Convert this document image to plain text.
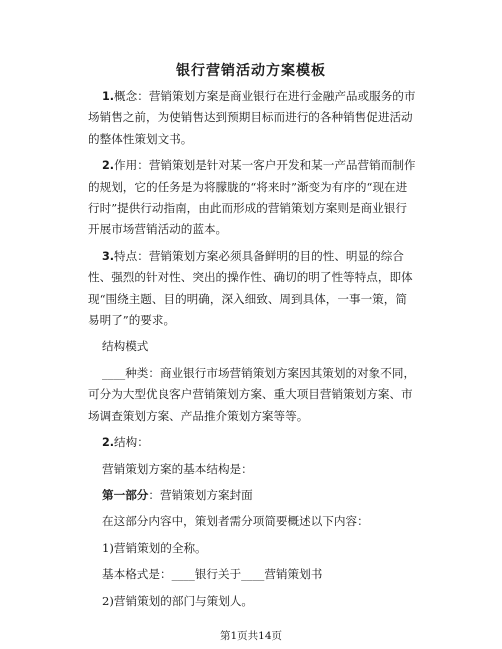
银行营销活动方案模板

1.概念：营销策划方案是商业银行在进行金融产品或服务的市场销售之前，为使销售达到预期目标而进行的各种销售促进活动的整体性策划文书。

2.作用：营销策划是针对某一客户开发和某一产品营销而制作的规划，它的任务是为将朦胧的“将来时”渐变为有序的“现在进行时”提供行动指南，由此而形成的营销策划方案则是商业银行开展市场营销活动的蓝本。

3.特点：营销策划方案必须具备鲜明的目的性、明显的综合性、强烈的针对性、突出的操作性、确切的明了性等特点，即体现“围绕主题、目的明确，深入细致、周到具体，一事一策，简易明了”的要求。

结构模式

____种类：商业银行市场营销策划方案因其策划的对象不同，可分为大型优良客户营销策划方案、重大项目营销策划方案、市场调查策划方案、产品推介策划方案等等。

2.结构：

营销策划方案的基本结构是：

第一部分：营销策划方案封面

在这部分内容中，策划者需分项简要概述以下内容：

1)营销策划的全称。

基本格式是：____银行关于____营销策划书

2)营销策划的部门与策划人。

第1页共14页
